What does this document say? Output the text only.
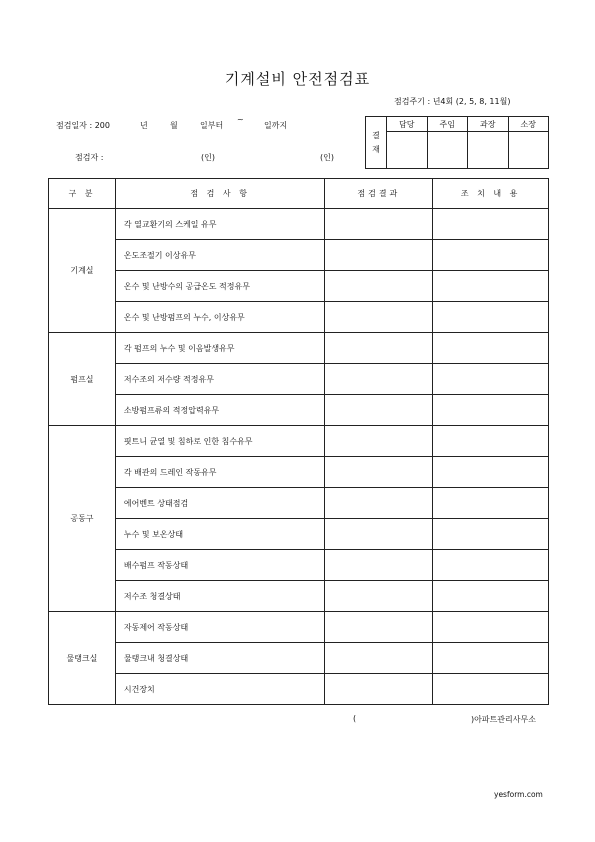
기계설비 안전점검표
점검주기 : 년4회 (2, 5, 8, 11월)
점검일자 : 200	년	월	일부터
~
일까지
점검자 :	(인)	(인)
결
재	담당	주임	과장	소장

구 분	점 검 사 항	점검결과	조 치 내 용
기계실	각 열교환기의 스케일 유무		
	온도조절기 이상유무		
	온수 및 난방수의 공급온도 적정유무		
	온수 및 난방펌프의 누수, 이상유무		
펌프실	각 펌프의 누수 및 이음발생유무		
	저수조의 저수량 적정유무		
	소방펌프류의 적정압력유무		
공동구	핏트니 균열 및 침하로 인한 침수유무		
	각 배관의 드레인 작동유무		
	에어벤트 상태점검		
	누수 및 보온상태		
	배수펌프 작동상태		
	저수조 청결상태		
물탱크실	자동제어 작동상태		
	물탱크내 청결상태		
	시건장치		
(	)아파트관리사무소
yesform.com
